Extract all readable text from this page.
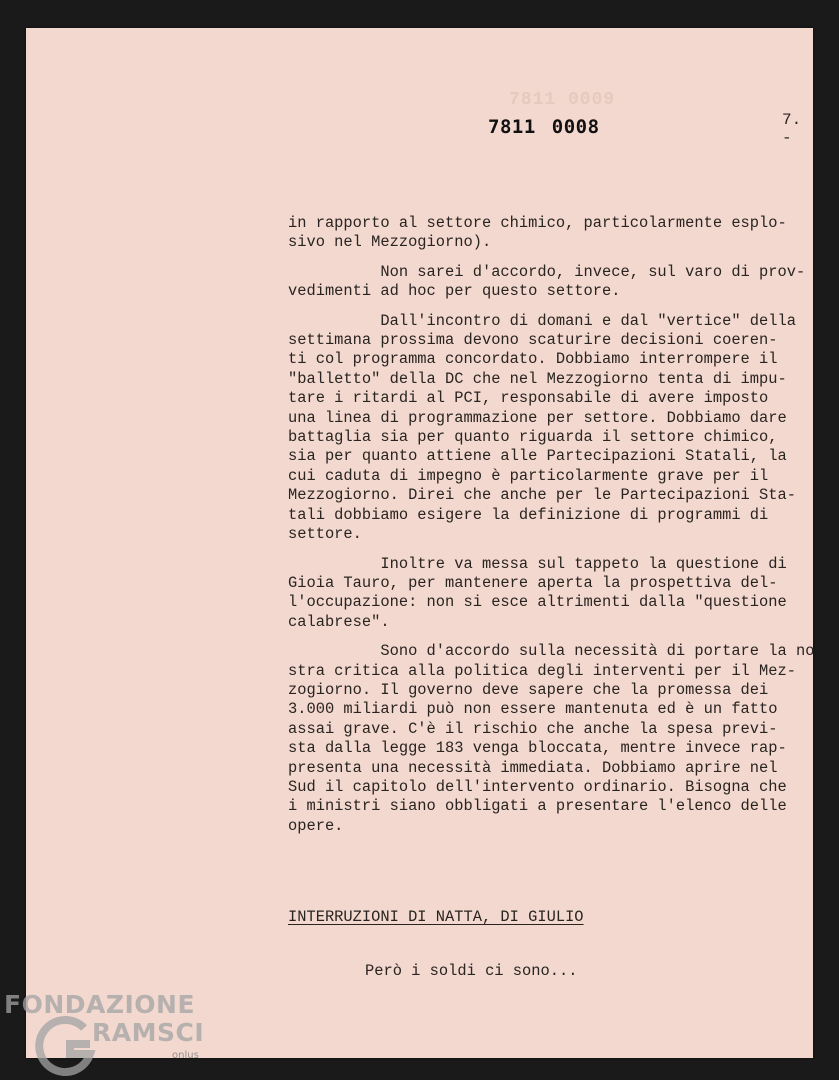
7811 0009
7811 0008	7. -

in rapporto al settore chimico, particolarmente esplo-

sivo nel Mezzogiorno).

Non sarei d'accordo, invece, sul varo di prov-

vedimenti ad hoc per questo settore.

Dall'incontro di domani e dal "vertice" della

settimana prossima devono scaturire decisioni coeren-

ti col programma concordato. Dobbiamo interrompere il

"balletto" della DC che nel Mezzogiorno tenta di impu-

tare i ritardi al PCI, responsabile di avere imposto

una linea di programmazione per settore. Dobbiamo dare

battaglia sia per quanto riguarda il settore chimico,

sia per quanto attiene alle Partecipazioni Statali, la

cui caduta di impegno è particolarmente grave per il

Mezzogiorno. Direi che anche per le Partecipazioni Sta-

tali dobbiamo esigere la definizione di programmi di

settore.

Inoltre va messa sul tappeto la questione di

Gioia Tauro, per mantenere aperta la prospettiva del-

l'occupazione: non si esce altrimenti dalla "questione

calabrese".

Sono d'accordo sulla necessità di portare la no

stra critica alla politica degli interventi per il Mez-

zogiorno. Il governo deve sapere che la promessa dei

3.000 miliardi può non essere mantenuta ed è un fatto

assai grave. C'è il rischio che anche la spesa previ-

sta dalla legge 183 venga bloccata, mentre invece rap-

presenta una necessità immediata. Dobbiamo aprire nel

Sud il capitolo dell'intervento ordinario. Bisogna che

i ministri siano obbligati a presentare l'elenco delle

opere.

INTERRUZIONI DI NATTA, DI GIULIO
Però i soldi ci sono...
FONDAZIONE
RAMSCI
onlus
